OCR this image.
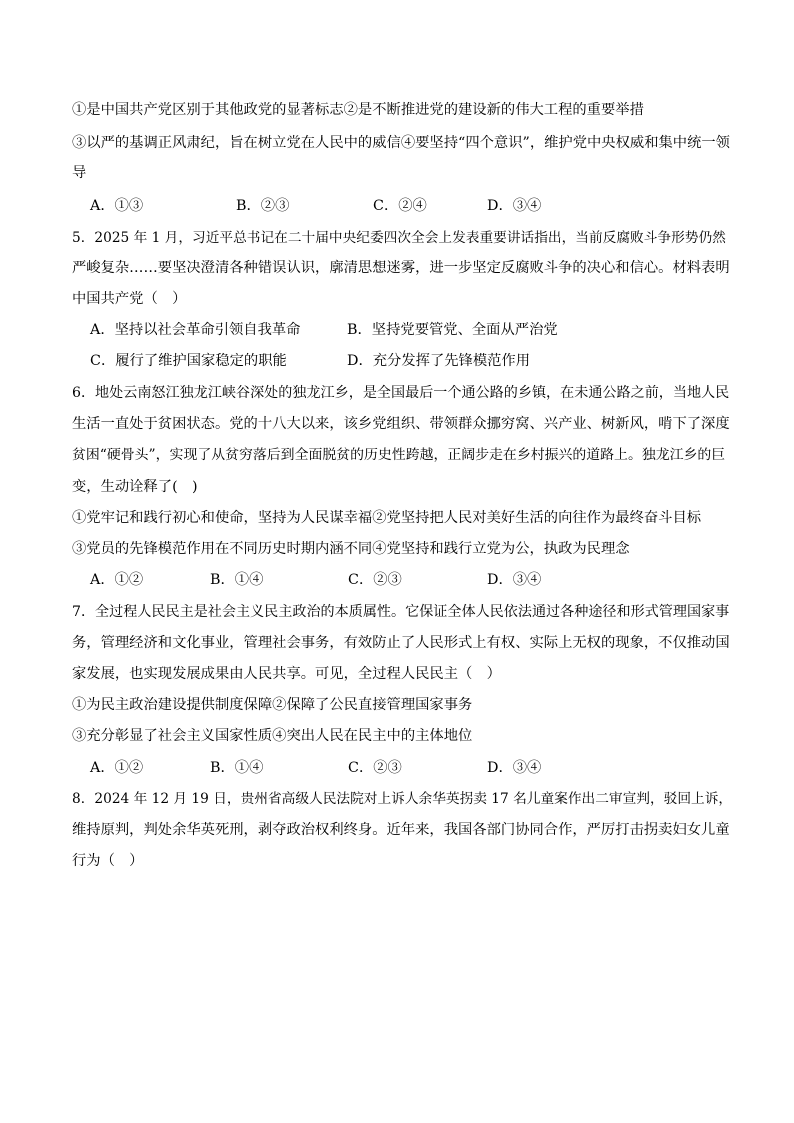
①是中国共产党区别于其他政党的显著标志②是不断推进党的建设新的伟大工程的重要举措
③以严的基调正风肃纪，旨在树立党在人民中的威信④要坚持“四个意识”，维护党中央权威和集中统一领
导
A．①③	B．②③	C．②④	D．③④
5．2025 年 1 月，习近平总书记在二十届中央纪委四次全会上发表重要讲话指出，当前反腐败斗争形势仍然
严峻复杂……要坚决澄清各种错误认识，廓清思想迷雾，进一步坚定反腐败斗争的决心和信心。材料表明
中国共产党（　）
A．坚持以社会革命引领自我革命	B．坚持党要管党、全面从严治党
C．履行了维护国家稳定的职能	D．充分发挥了先锋模范作用
6．地处云南怒江独龙江峡谷深处的独龙江乡，是全国最后一个通公路的乡镇，在未通公路之前，当地人民
生活一直处于贫困状态。党的十八大以来，该乡党组织、带领群众挪穷窝、兴产业、树新风，啃下了深度
贫困“硬骨头”，实现了从贫穷落后到全面脱贫的历史性跨越，正阔步走在乡村振兴的道路上。独龙江乡的巨
变，生动诠释了(　)
①党牢记和践行初心和使命，坚持为人民谋幸福②党坚持把人民对美好生活的向往作为最终奋斗目标
③党员的先锋模范作用在不同历史时期内涵不同④党坚持和践行立党为公，执政为民理念
A．①②	B．①④	C．②③	D．③④
7．全过程人民民主是社会主义民主政治的本质属性。它保证全体人民依法通过各种途径和形式管理国家事
务，管理经济和文化事业，管理社会事务，有效防止了人民形式上有权、实际上无权的现象，不仅推动国
家发展，也实现发展成果由人民共享。可见，全过程人民民主（　）
①为民主政治建设提供制度保障②保障了公民直接管理国家事务
③充分彰显了社会主义国家性质④突出人民在民主中的主体地位
A．①②	B．①④	C．②③	D．③④
8．2024 年 12 月 19 日，贵州省高级人民法院对上诉人余华英拐卖 17 名儿童案作出二审宣判，驳回上诉，
维持原判，判处余华英死刑，剥夺政治权利终身。近年来，我国各部门协同合作，严厉打击拐卖妇女儿童
行为（　）
